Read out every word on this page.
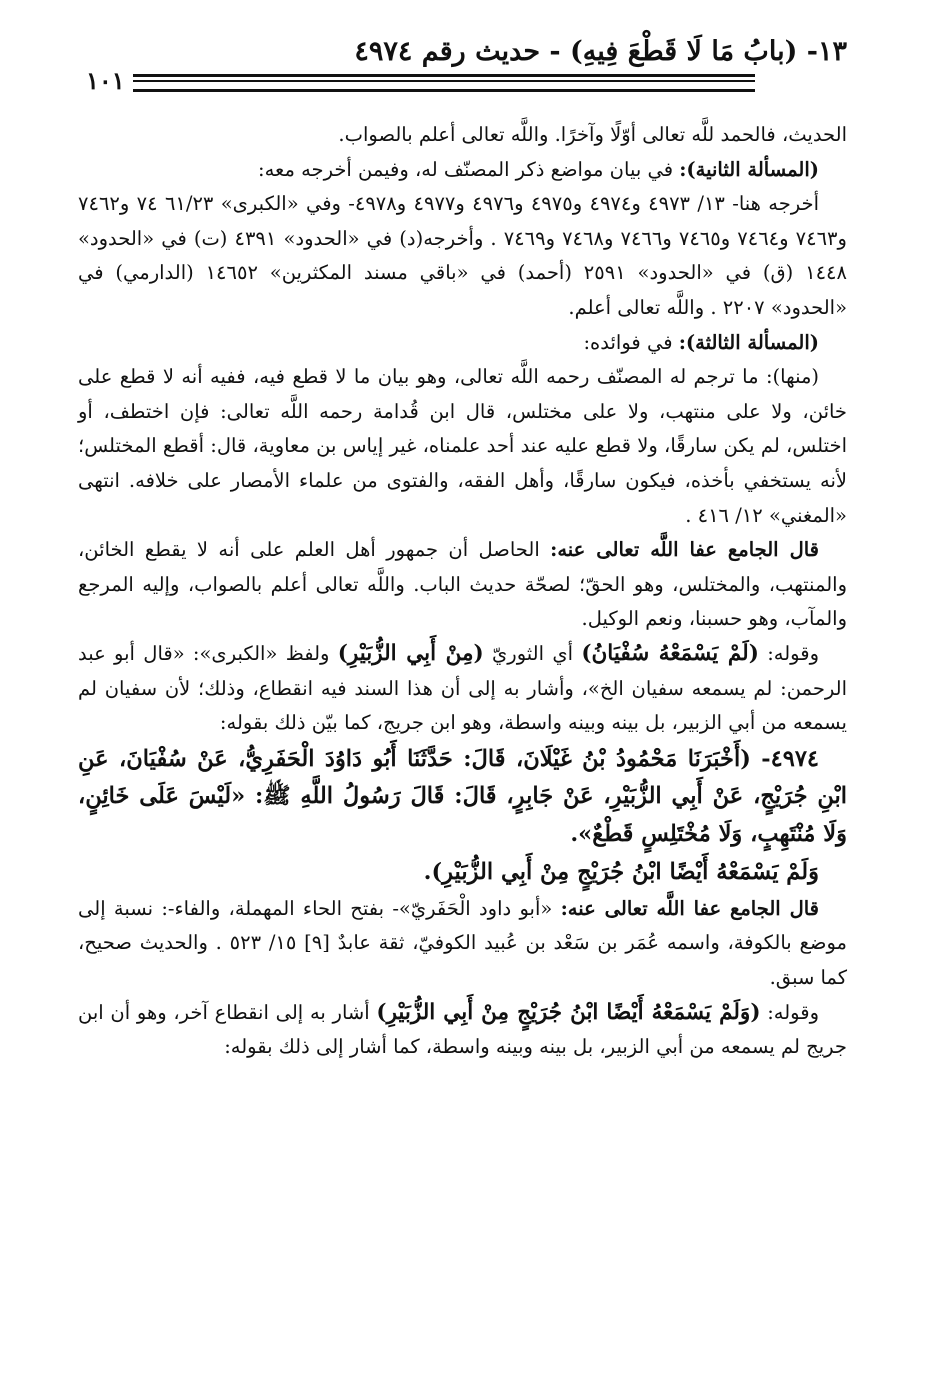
١٣- (بابُ مَا لَا قَطْعَ فِيهِ) - حديث رقم ٤٩٧٤
١٠١

الحديث، فالحمد للَّه تعالى أوّلًا وآخرًا. واللَّه تعالى أعلم بالصواب.

(المسألة الثانية): في بيان مواضع ذكر المصنّف له، وفيمن أخرجه معه:

أخرجه هنا- ١٣/ ٤٩٧٣ و٤٩٧٤ و٤٩٧٥ و٤٩٧٦ و٤٩٧٧ و٤٩٧٨- وفي «الكبرى» ٦١/٢٣ ٧٤ و٧٤٦٢ و٧٤٦٣ و٧٤٦٤ و٧٤٦٥ و٧٤٦٦ و٧٤٦٨ و٧٤٦٩ . وأخرجه(د) في «الحدود» ٤٣٩١ (ت) في «الحدود» ١٤٤٨ (ق) في «الحدود» ٢٥٩١ (أحمد) في «باقي مسند المكثرين» ١٤٦٥٢ (الدارمي) في «الحدود» ٢٢٠٧ . واللَّه تعالى أعلم.

(المسألة الثالثة): في فوائده:

(منها): ما ترجم له المصنّف رحمه اللَّه تعالى، وهو بيان ما لا قطع فيه، ففيه أنه لا قطع على خائن، ولا على منتهب، ولا على مختلس، قال ابن قُدامة رحمه اللَّه تعالى: فإن اختطف، أو اختلس، لم يكن سارقًا، ولا قطع عليه عند أحد علمناه، غير إياس بن معاوية، قال: أقطع المختلس؛ لأنه يستخفي بأخذه، فيكون سارقًا، وأهل الفقه، والفتوى من علماء الأمصار على خلافه. انتهى «المغني» ١٢/ ٤١٦ .

قال الجامع عفا اللَّه تعالى عنه: الحاصل أن جمهور أهل العلم على أنه لا يقطع الخائن، والمنتهب، والمختلس، وهو الحقّ؛ لصحّة حديث الباب. واللَّه تعالى أعلم بالصواب، وإليه المرجع والمآب، وهو حسبنا، ونعم الوكيل.

وقوله: (لَمْ يَسْمَعْهُ سُفْيَانُ) أي الثوريّ (مِنْ أَبِي الزُّبَيْرِ) ولفظ «الكبرى»: «قال أبو عبد الرحمن: لم يسمعه سفيان الخ»، وأشار به إلى أن هذا السند فيه انقطاع، وذلك؛ لأن سفيان لم يسمعه من أبي الزبير، بل بينه وبينه واسطة، وهو ابن جريج، كما بيّن ذلك بقوله:

٤٩٧٤- (أَخْبَرَنَا مَحْمُودُ بْنُ غَيْلَانَ، قَالَ: حَدَّثَنَا أَبُو دَاوُدَ الْحَفَرِيُّ، عَنْ سُفْيَانَ، عَنِ ابْنِ جُرَيْجٍ، عَنْ أَبِي الزُّبَيْرِ، عَنْ جَابِرٍ، قَالَ: قَالَ رَسُولُ اللَّهِ ﷺ: «لَيْسَ عَلَى خَائِنٍ، وَلَا مُنْتَهِبٍ، وَلَا مُخْتَلِسٍ قَطْعٌ».

وَلَمْ يَسْمَعْهُ أَيْضًا ابْنُ جُرَيْجٍ مِنْ أَبِي الزُّبَيْرِ).

قال الجامع عفا اللَّه تعالى عنه: «أبو داود الْحَفَريّ»- بفتح الحاء المهملة، والفاء-: نسبة إلى موضع بالكوفة، واسمه عُمَر بن سَعْد بن عُبيد الكوفيّ، ثقة عابدٌ [٩] ١٥/ ٥٢٣ . والحديث صحيح، كما سبق.

وقوله: (وَلَمْ يَسْمَعْهُ أَيْضًا ابْنُ جُرَيْجٍ مِنْ أَبِي الزُّبَيْرِ) أشار به إلى انقطاع آخر، وهو أن ابن جريج لم يسمعه من أبي الزبير، بل بينه وبينه واسطة، كما أشار إلى ذلك بقوله:
